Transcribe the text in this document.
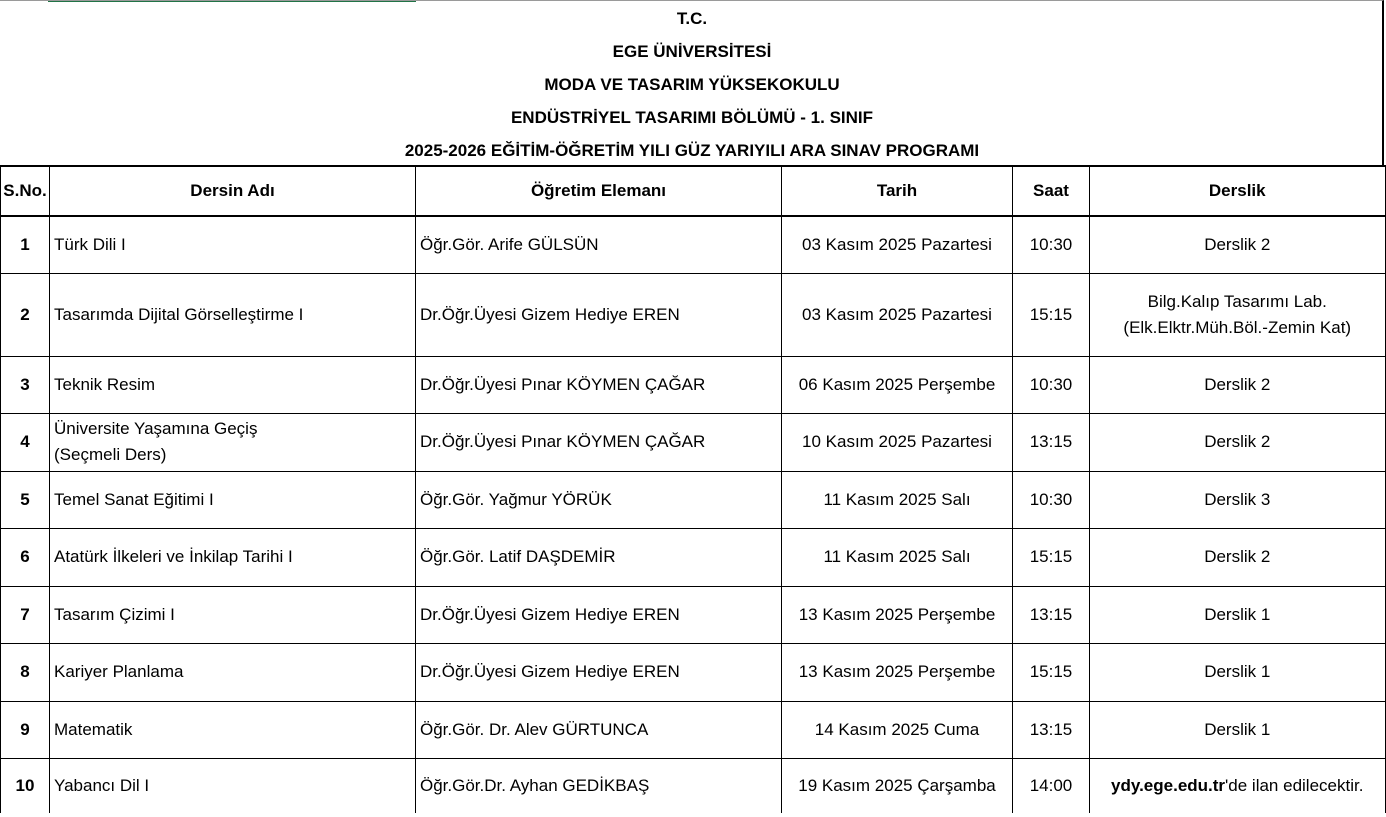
T.C.
EGE ÜNİVERSİTESİ
MODA VE TASARIM YÜKSEKOKULU
ENDÜSTRİYEL TASARIMI BÖLÜMÜ - 1. SINIF
2025-2026 EĞİTİM-ÖĞRETİM YILI GÜZ YARIYILI ARA SINAV PROGRAMI
S.No.	Dersin Adı	Öğretim Elemanı	Tarih	Saat	Derslik
1	Türk Dili I	Öğr.Gör. Arife GÜLSÜN	03 Kasım 2025 Pazartesi	10:30	Derslik 2

2	Tasarımda Dijital Görselleştirme I	Dr.Öğr.Üyesi Gizem Hediye EREN	03 Kasım 2025 Pazartesi	15:15	Bilg.Kalıp Tasarımı Lab.
(Elk.Elktr.Müh.Böl.-Zemin Kat)

3	Teknik Resim	Dr.Öğr.Üyesi Pınar KÖYMEN ÇAĞAR	06 Kasım 2025 Perşembe	10:30	Derslik 2

4	Üniversite Yaşamına Geçiş
(Seçmeli Ders)	Dr.Öğr.Üyesi Pınar KÖYMEN ÇAĞAR	10 Kasım 2025 Pazartesi	13:15	Derslik 2

5	Temel Sanat Eğitimi I	Öğr.Gör. Yağmur YÖRÜK	11 Kasım 2025 Salı	10:30	Derslik 3

6	Atatürk İlkeleri ve İnkilap Tarihi I	Öğr.Gör. Latif DAŞDEMİR	11 Kasım 2025 Salı	15:15	Derslik 2

7	Tasarım Çizimi I	Dr.Öğr.Üyesi Gizem Hediye EREN	13 Kasım 2025 Perşembe	13:15	Derslik 1

8	Kariyer Planlama	Dr.Öğr.Üyesi Gizem Hediye EREN	13 Kasım 2025 Perşembe	15:15	Derslik 1

9	Matematik	Öğr.Gör. Dr. Alev GÜRTUNCA	14 Kasım 2025 Cuma	13:15	Derslik 1

10	Yabancı Dil I	Öğr.Gör.Dr. Ayhan GEDİKBAŞ	19 Kasım 2025 Çarşamba	14:00	ydy.ege.edu.tr'de ilan edilecektir.
